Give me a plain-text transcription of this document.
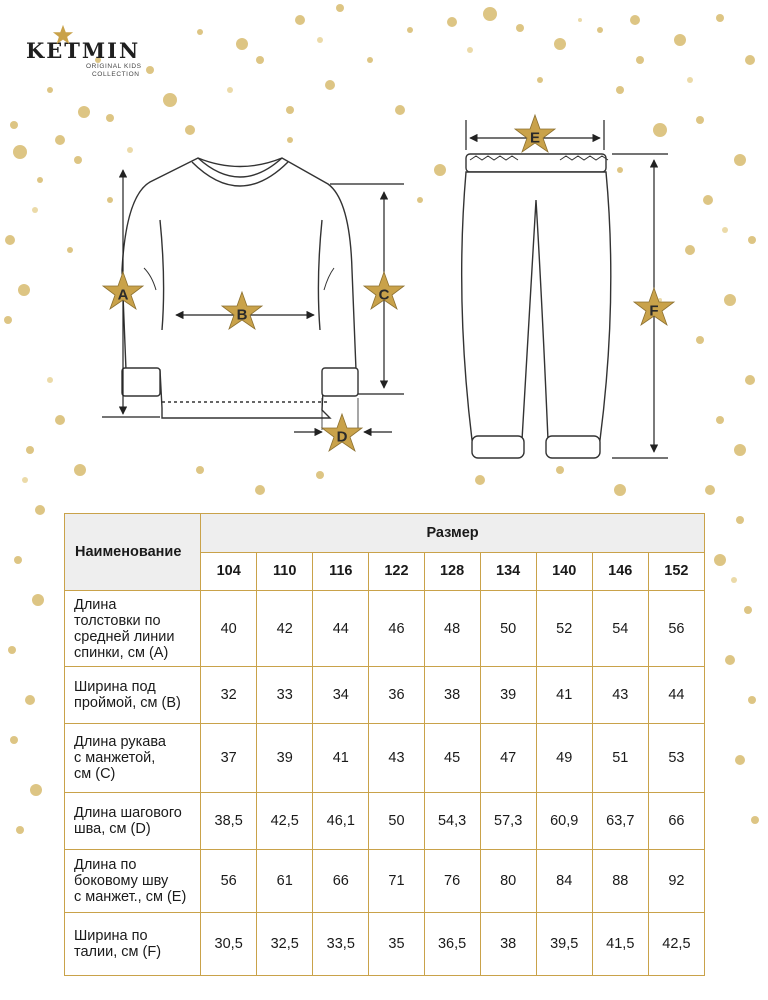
KETMIN
ORIGINAL KIDS
COLLECTION
A
B
C
D
E
F
Наименование	Размер								
	104	110	116	122	128	134	140	146	152

Длина
толстовки по
средней линии
спинки, см (А)	40	42	44	46	48	50	52	54	56

Ширина под
проймой, см (B)	32	33	34	36	38	39	41	43	44

Длина рукава
с манжетой,
см (C)	37	39	41	43	45	47	49	51	53

Длина шагового
шва, см (D)	38,5	42,5	46,1	50	54,3	57,3	60,9	63,7	66

Длина по
боковому шву
с манжет., см (E)	56	61	66	71	76	80	84	88	92

Ширина по
талии, см (F)	30,5	32,5	33,5	35	36,5	38	39,5	41,5	42,5
